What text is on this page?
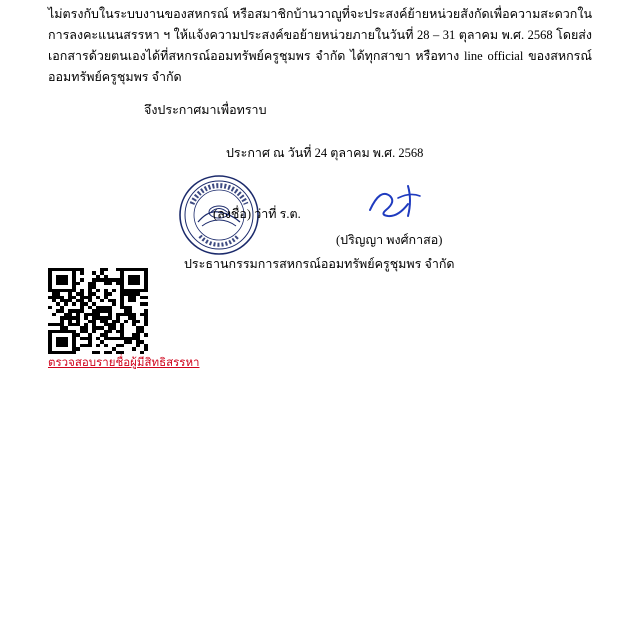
ไม่ตรงกับในระบบงานของสหกรณ์ หรือสมาชิกบ้านวาญูที่จะประสงค์ย้ายหน่วยสังกัดเพื่อความสะดวกในการลงคะแนนสรรหา ฯ ให้แจ้งความประสงค์ขอย้ายหน่วยภายในวันที่ 28 – 31 ตุลาคม พ.ศ. 2568 โดยส่งเอกสารด้วยตนเองได้ที่สหกรณ์ออมทรัพย์ครูชุมพร จำกัด ได้ทุกสาขา หรือทาง line official ของสหกรณ์ออมทรัพย์ครูชุมพร จำกัด

จึงประกาศมาเพื่อทราบ
ประกาศ ณ วันที่ 24 ตุลาคม พ.ศ. 2568
(ลงชื่อ) ว่าที่ ร.ต.
(ปริญญา พงศ์กาสอ)
ประธานกรรมการสหกรณ์ออมทรัพย์ครูชุมพร จำกัด
ตรวจสอบรายชื่อผู้มีสิทธิสรรหา
